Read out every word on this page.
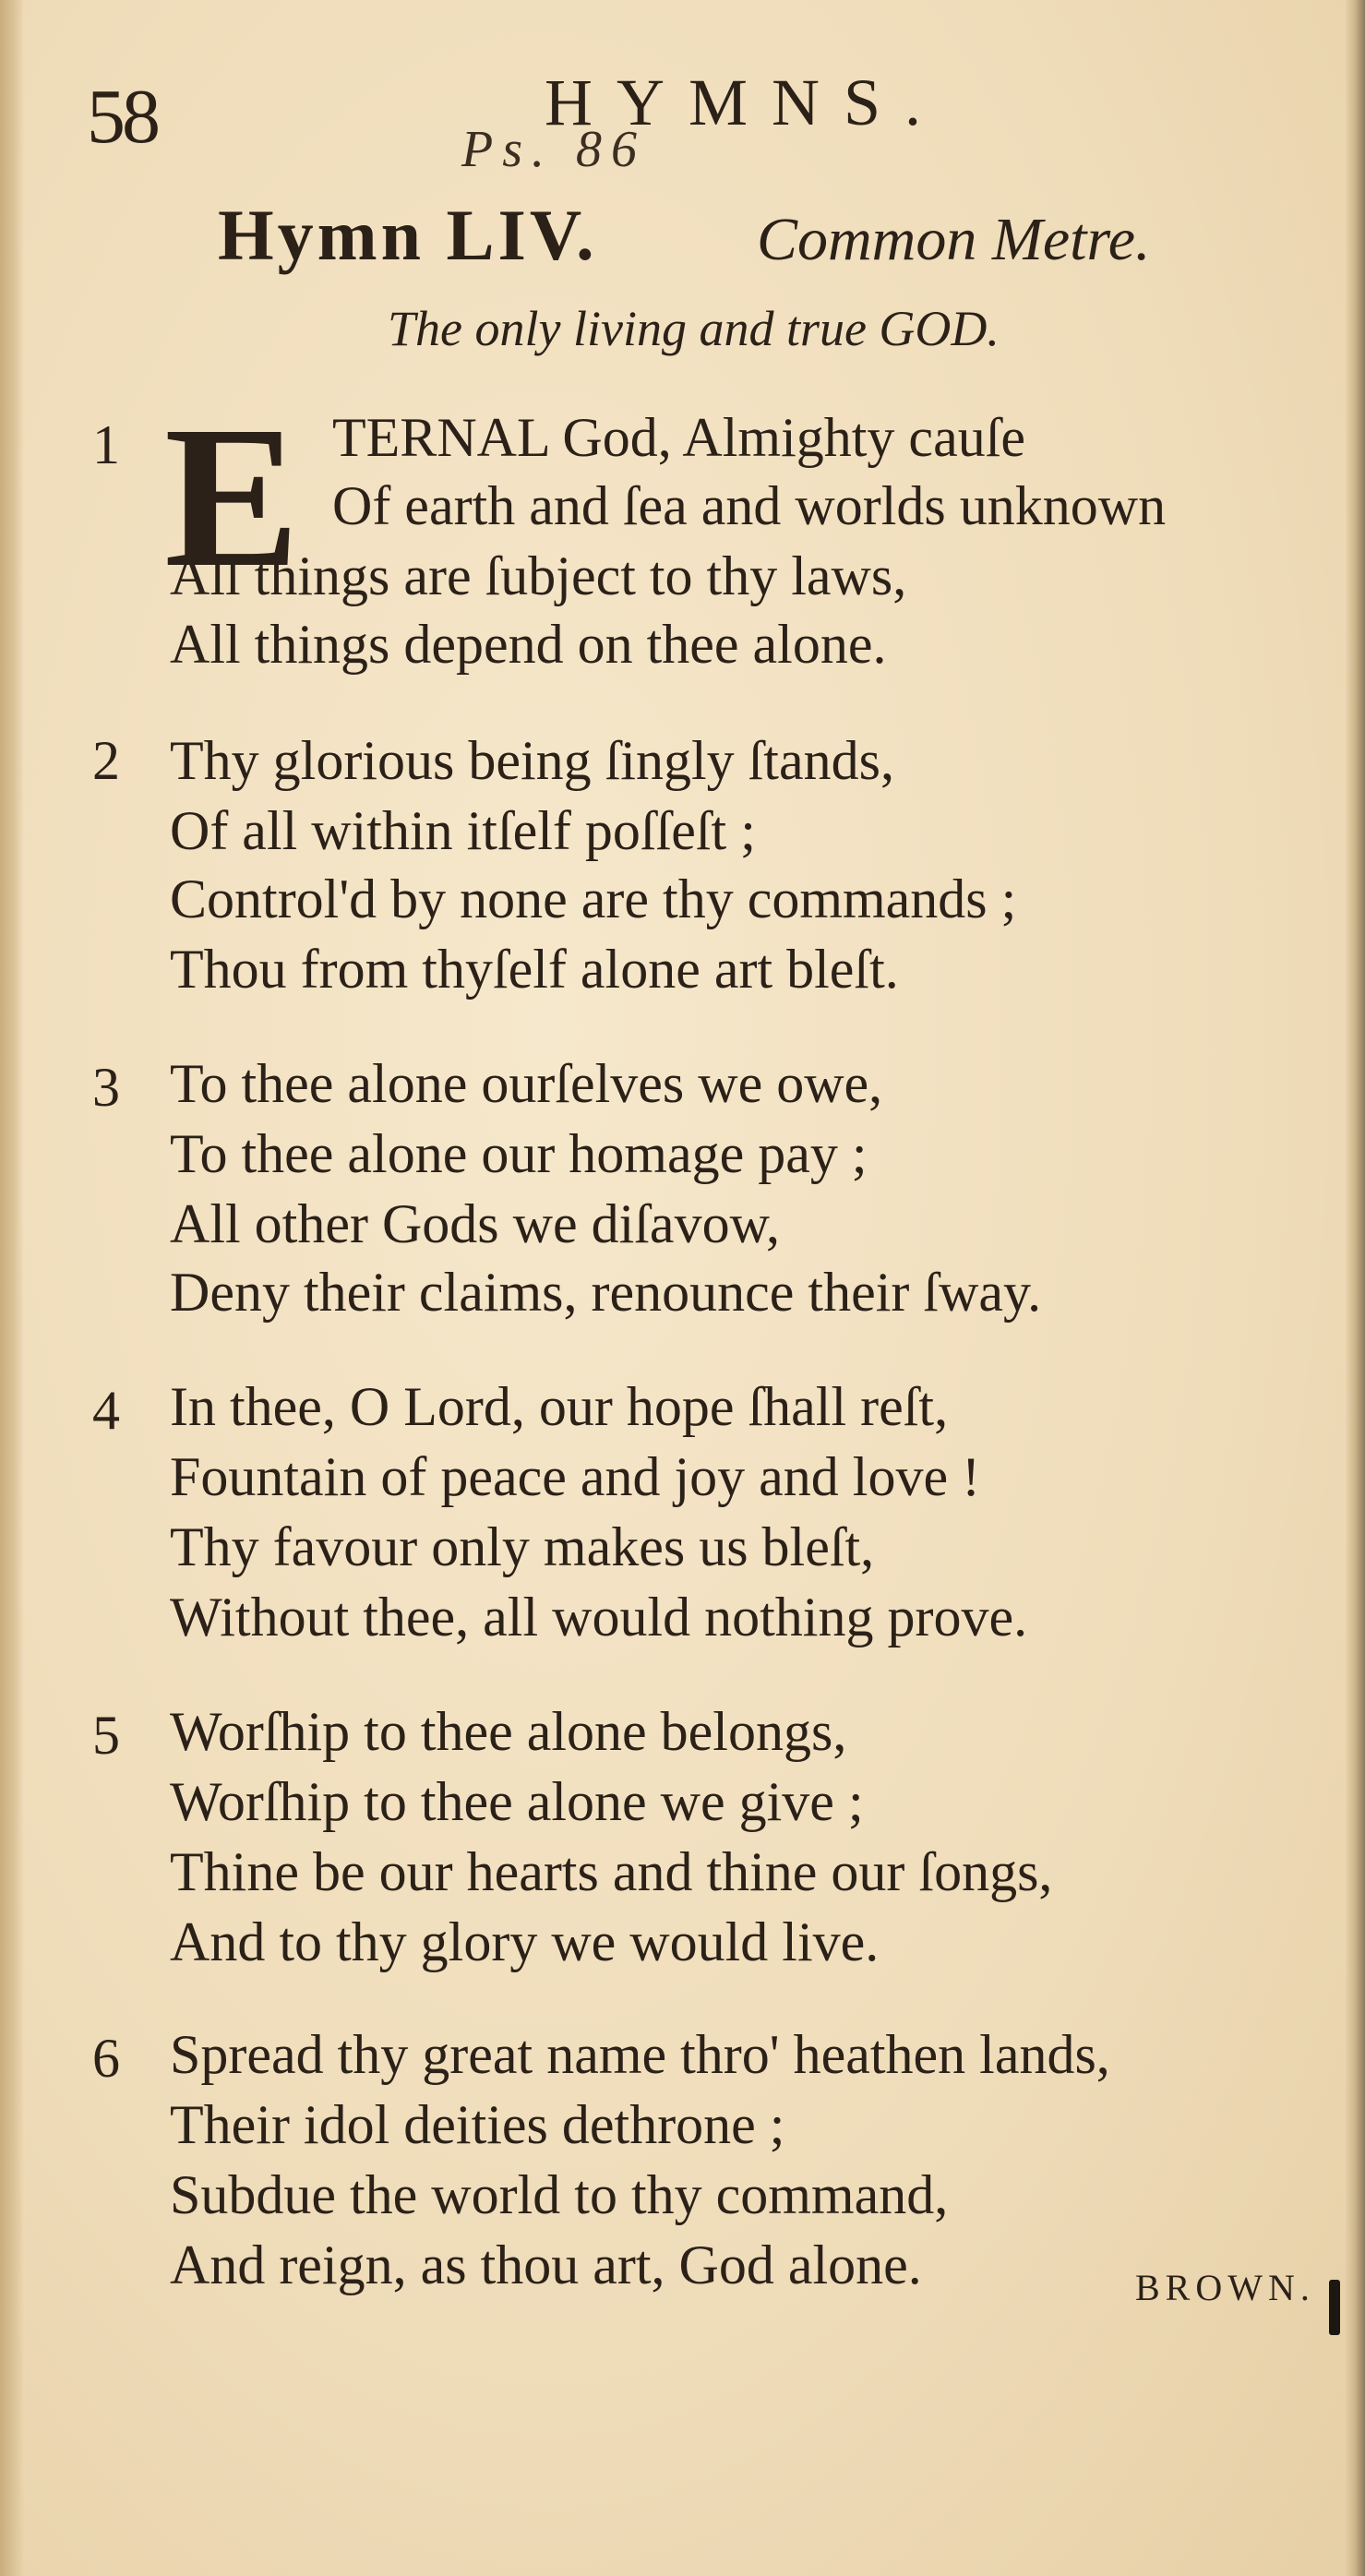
58	HYMNS.
Ps. 86
Hymn LIV.	Common Metre.
The only living and true GOD.
1 E TERNAL God, Almighty cauſe
Of earth and ſea and worlds unknown
All things are ſubject to thy laws,
All things depend on thee alone.
2 Thy glorious being ſingly ſtands,
Of all within itſelf poſſeſt ;
Control'd by none are thy commands ;
Thou from thyſelf alone art bleſt.
3 To thee alone ourſelves we owe,
To thee alone our homage pay ;
All other Gods we diſavow,
Deny their claims, renounce their ſway.
4 In thee, O Lord, our hope ſhall reſt,
Fountain of peace and joy and love !
Thy favour only makes us bleſt,
Without thee, all would nothing prove.
5 Worſhip to thee alone belongs,
Worſhip to thee alone we give ;
Thine be our hearts and thine our ſongs,
And to thy glory we would live.
6 Spread thy great name thro' heathen lands,
Their idol deities dethrone ;
Subdue the world to thy command,
And reign, as thou art, God alone.	BROWN.
